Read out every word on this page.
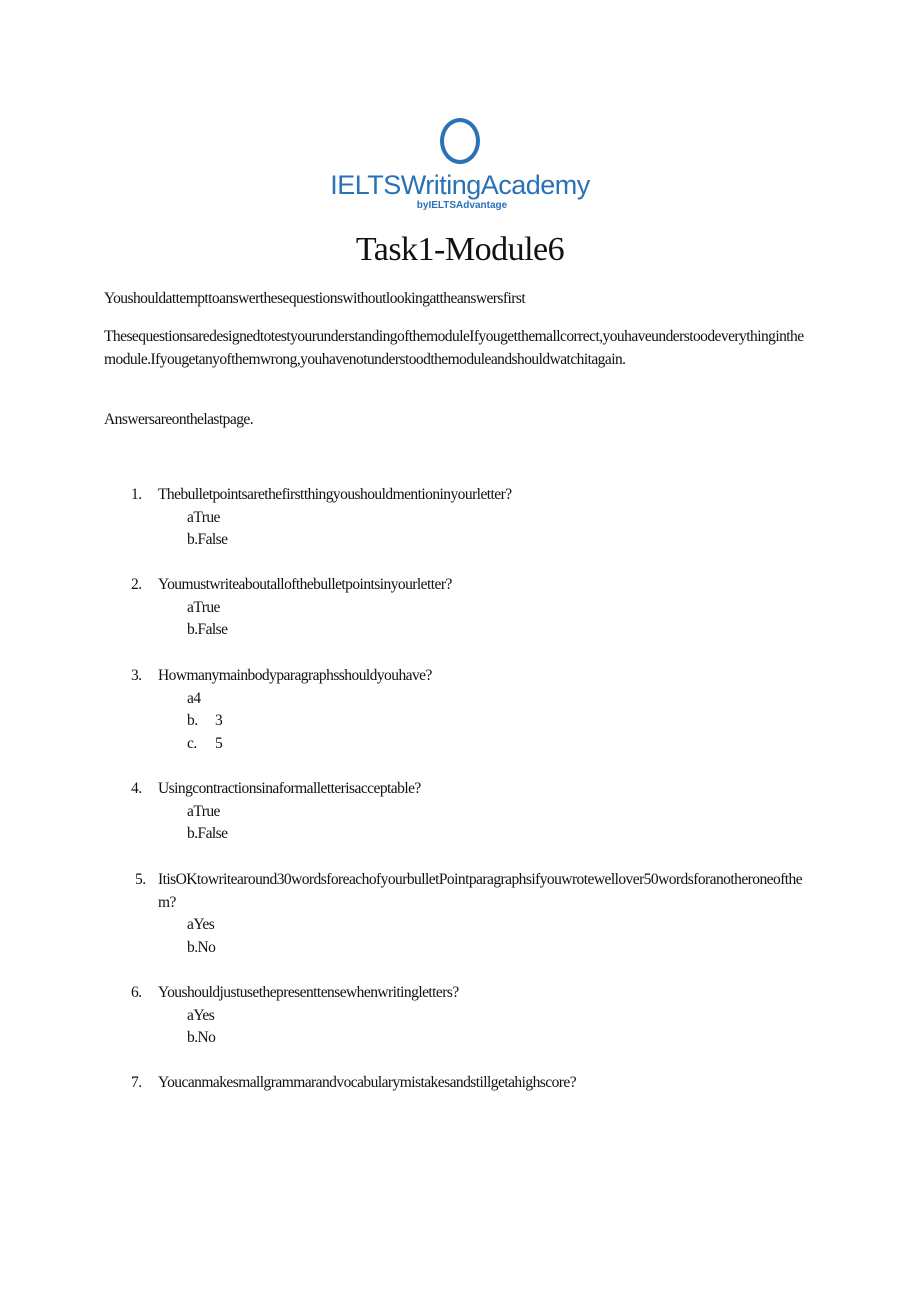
IELTSWritingAcademy
byIELTSAdvantage
Task1-Module6
Youshouldattempttoanswerthesequestionswithoutlookingattheanswersfirst
ThesequestionsaredesignedtotestyourunderstandingofthemoduleIfyougetthemallcorrect,youhaveunderstoodeverythinginthemodule.Ifyougetanyofthemwrong,youhavenotunderstoodthemoduleandshouldwatchitagain.
Answersareonthelastpage.
1. Thebulletpointsarethefirstthingyoushouldmentioninyourletter?
aTrue
b.False
2. Youmustwriteaboutallofthebulletpointsinyourletter?
aTrue
b.False
3. Howmanymainbodyparagraphsshouldyouhave?
a4
b. 3
c. 5
4. Usingcontractionsinaformalletterisacceptable?
aTrue
b.False
5. ItisOKtowritearound30wordsforeachofyourbulletPointparagraphsifyouwrotewellover50wordsforanotheroneofthem?
aYes
b.No
6. Youshouldjustusethepresenttensewhenwritingletters?
aYes
b.No
7. Youcanmakesmallgrammarandvocabularymistakesandstillgetahighscore?
